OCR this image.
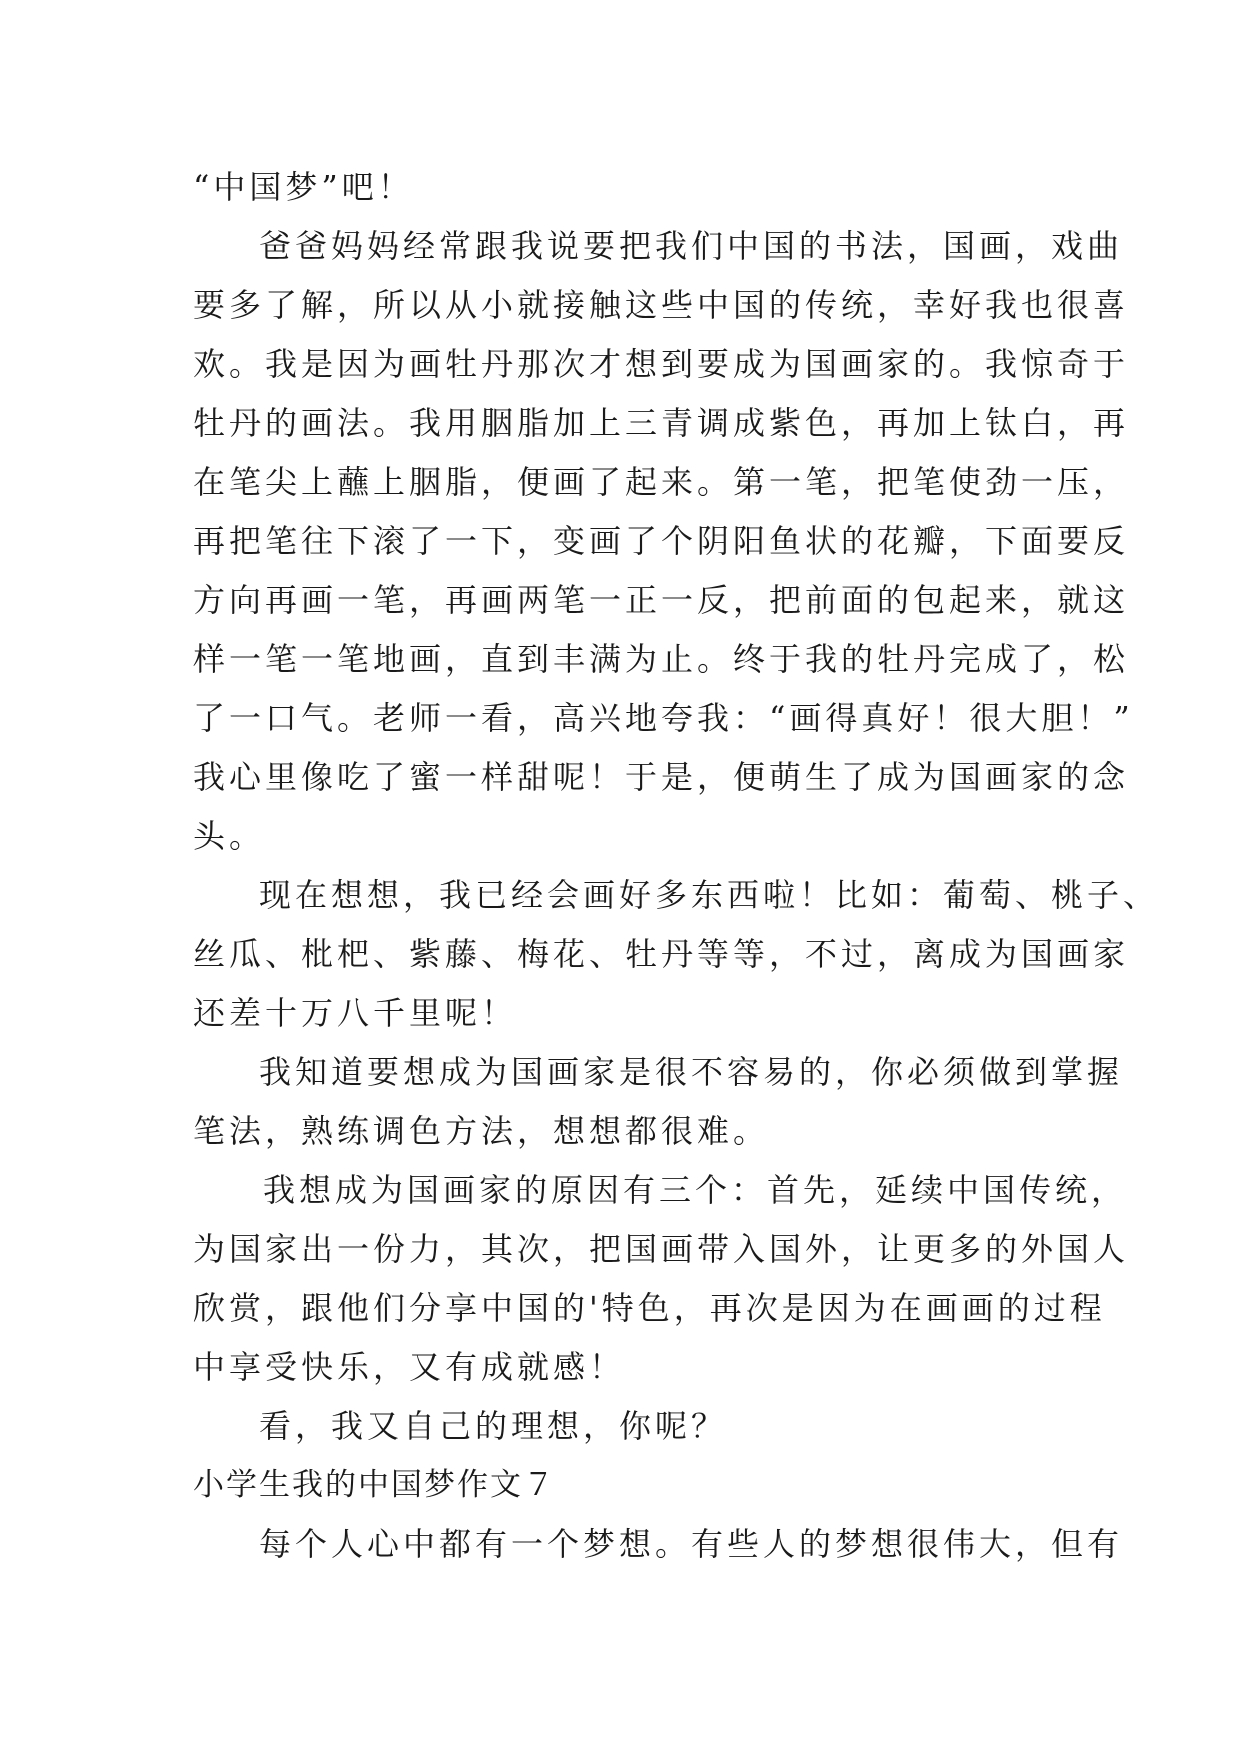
“中国梦”吧！
爸爸妈妈经常跟我说要把我们中国的书法，国画，戏曲
要多了解，所以从小就接触这些中国的传统，幸好我也很喜
欢。我是因为画牡丹那次才想到要成为国画家的。我惊奇于
牡丹的画法。我用胭脂加上三青调成紫色，再加上钛白，再
在笔尖上蘸上胭脂，便画了起来。第一笔，把笔使劲一压，
再把笔往下滚了一下，变画了个阴阳鱼状的花瓣，下面要反
方向再画一笔，再画两笔一正一反，把前面的包起来，就这
样一笔一笔地画，直到丰满为止。终于我的牡丹完成了，松
了一口气。老师一看，高兴地夸我：“画得真好！很大胆！”
我心里像吃了蜜一样甜呢！于是，便萌生了成为国画家的念
头。
现在想想，我已经会画好多东西啦！比如：葡萄、桃子、
丝瓜、枇杷、紫藤、梅花、牡丹等等，不过，离成为国画家
还差十万八千里呢！
我知道要想成为国画家是很不容易的，你必须做到掌握
笔法，熟练调色方法，想想都很难。
我想成为国画家的原因有三个：首先，延续中国传统，
为国家出一份力，其次，把国画带入国外，让更多的外国人
欣赏，跟他们分享中国的'特色，再次是因为在画画的过程
中享受快乐，又有成就感！
看，我又自己的理想，你呢？
小学生我的中国梦作文７
每个人心中都有一个梦想。有些人的梦想很伟大，但有
